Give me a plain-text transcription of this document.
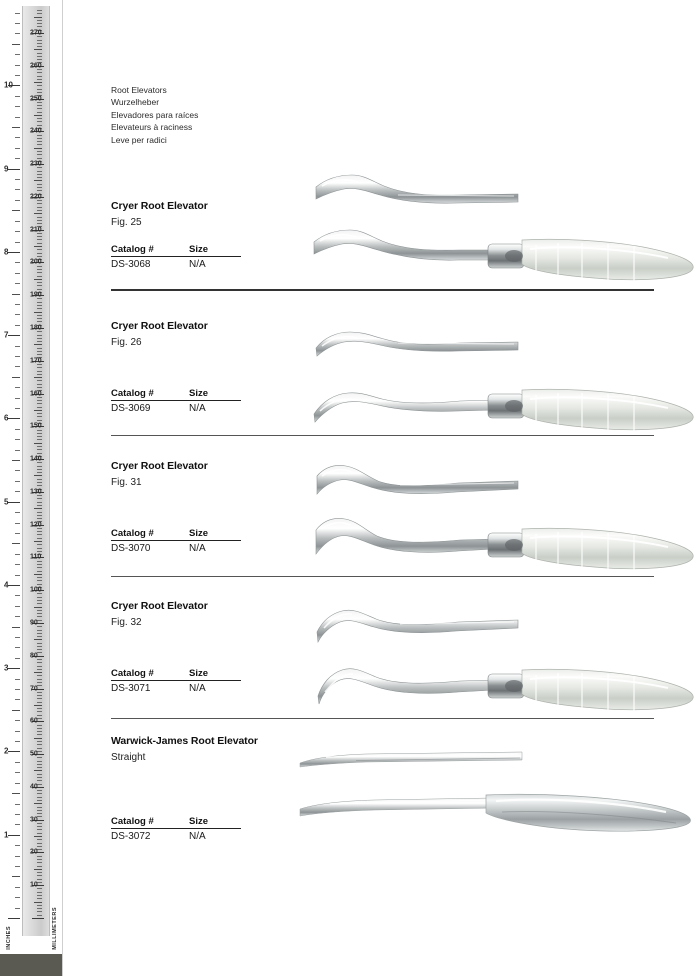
INCHES	MILLIMETERS
270
260
250
240
230
220
210
200
190
180
170
160
150
140
130
120
110
100
90
80
70
60
50
40
30
20
10
10
9
8
7
6
5
4
3
2
1
Root Elevators
Wurzelheber
Elevadores para raíces
Elevateurs à raciness
Leve per radici
Cryer Root Elevator
Fig. 25
Catalog #	Size
DS-3068	N/A
Cryer Root Elevator
Fig. 26
Catalog #	Size
DS-3069	N/A
Cryer Root Elevator
Fig. 31
Catalog #	Size
DS-3070	N/A
Cryer Root Elevator
Fig. 32
Catalog #	Size
DS-3071	N/A
Warwick-James Root Elevator
Straight
Catalog #	Size
DS-3072	N/A
